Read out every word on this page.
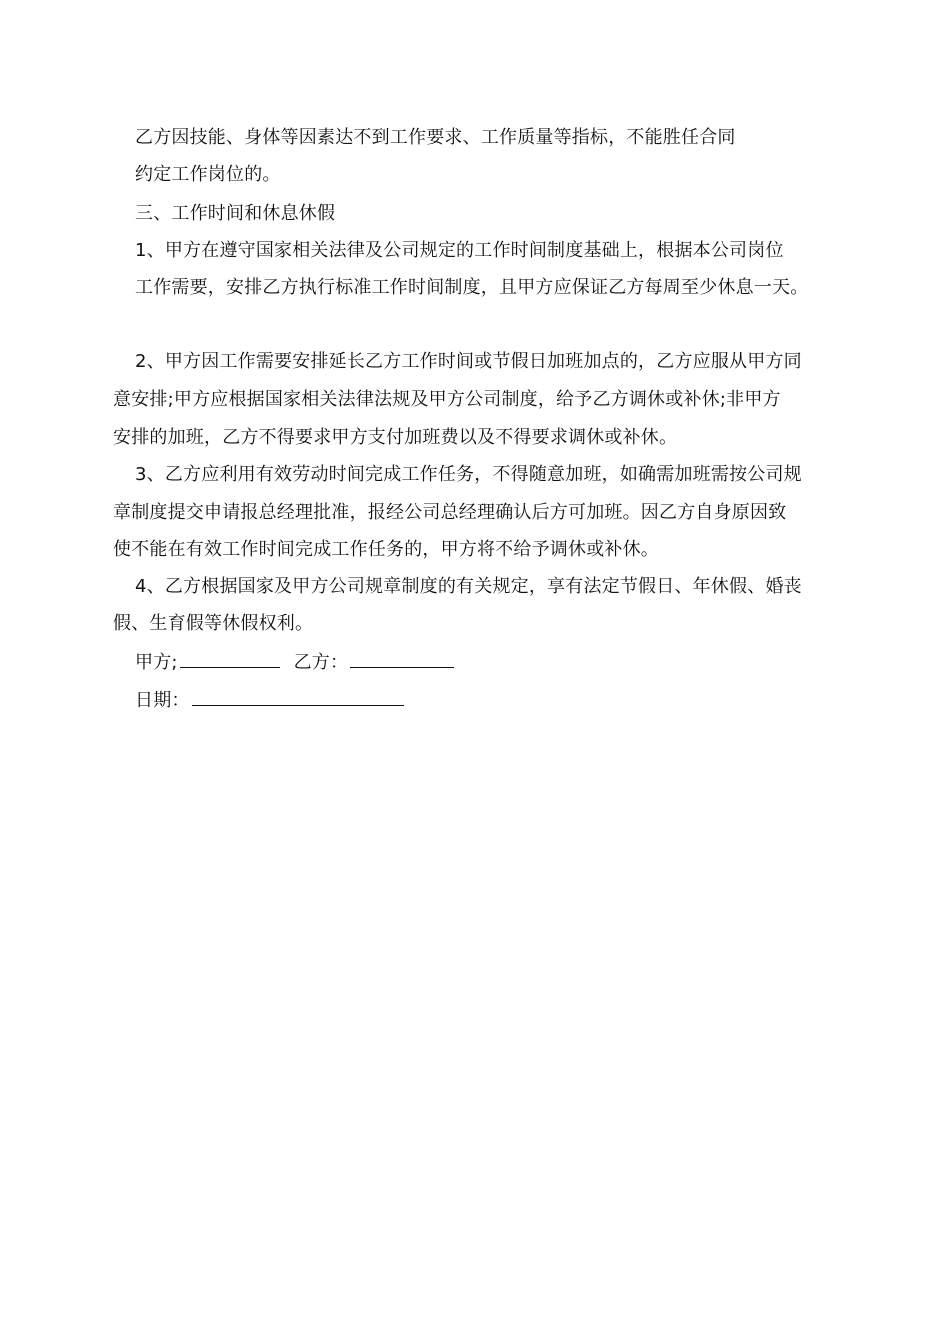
乙方因技能、身体等因素达不到工作要求、工作质量等指标，不能胜任合同
约定工作岗位的。
三、工作时间和休息休假
1、甲方在遵守国家相关法律及公司规定的工作时间制度基础上，根据本公司岗位
工作需要，安排乙方执行标准工作时间制度，且甲方应保证乙方每周至少休息一天。
2、甲方因工作需要安排延长乙方工作时间或节假日加班加点的，乙方应服从甲方同
意安排;甲方应根据国家相关法律法规及甲方公司制度，给予乙方调休或补休;非甲方
安排的加班，乙方不得要求甲方支付加班费以及不得要求调休或补休。
3、乙方应利用有效劳动时间完成工作任务，不得随意加班，如确需加班需按公司规
章制度提交申请报总经理批准，报经公司总经理确认后方可加班。因乙方自身原因致
使不能在有效工作时间完成工作任务的，甲方将不给予调休或补休。
4、乙方根据国家及甲方公司规章制度的有关规定，享有法定节假日、年休假、婚丧
假、生育假等休假权利。
甲方;	乙方：
日期：
